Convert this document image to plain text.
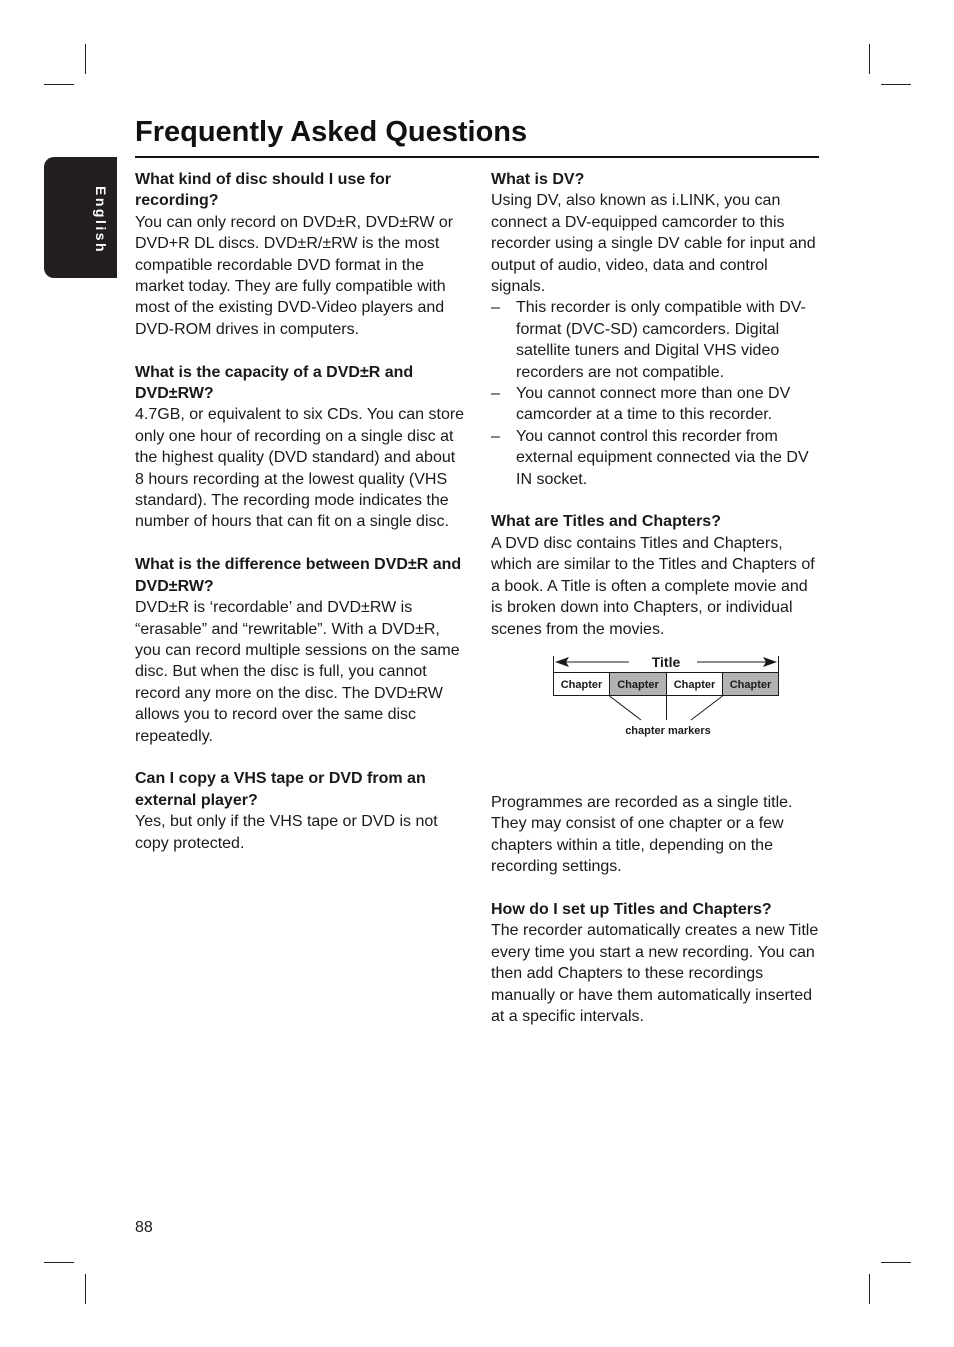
English
Frequently Asked Questions

What kind of disc should I use for recording?

You can only record on DVD±R, DVD±RW or DVD+R DL discs. DVD±R/±RW is the most compatible recordable DVD format in the market today. They are fully compatible with most of the existing DVD-Video players and DVD-ROM drives in computers.

What is the capacity of a DVD±R and DVD±RW?

4.7GB, or equivalent to six CDs. You can store only one hour of recording on a single disc at the highest quality (DVD standard) and about 8 hours recording at the lowest quality (VHS standard). The recording mode indicates the number of hours that can fit on a single disc.

What is the difference between DVD±R and DVD±RW?

DVD±R is ‘recordable’ and DVD±RW is “erasable” and “rewritable”. With a DVD±R, you can record multiple sessions on the same disc. But when the disc is full, you cannot record any more on the disc. The DVD±RW allows you to record over the same disc repeatedly.

Can I copy a VHS tape or DVD from an external player?

Yes, but only if the VHS tape or DVD is not copy protected.

What is DV?

Using DV, also known as i.LINK, you can connect a DV-equipped camcorder to this recorder using a single DV cable for input and output of audio, video, data and control signals.

– This recorder is only compatible with DV-format (DVC-SD) camcorders. Digital satellite tuners and Digital VHS video recorders are not compatible.
– You cannot connect more than one DV camcorder at a time to this recorder.
– You cannot control this recorder from external equipment connected via the DV IN socket.

What are Titles and Chapters?

A DVD disc contains Titles and Chapters, which are similar to the Titles and Chapters of a book. A Title is often a complete movie and is broken down into Chapters, or individual scenes from the movies.

Title
Chapter Chapter Chapter Chapter
chapter markers

Programmes are recorded as a single title. They may consist of one chapter or a few chapters within a title, depending on the recording settings.

How do I set up Titles and Chapters?

The recorder automatically creates a new Title every time you start a new recording. You can then add Chapters to these recordings manually or have them automatically inserted at a specific intervals.

88
